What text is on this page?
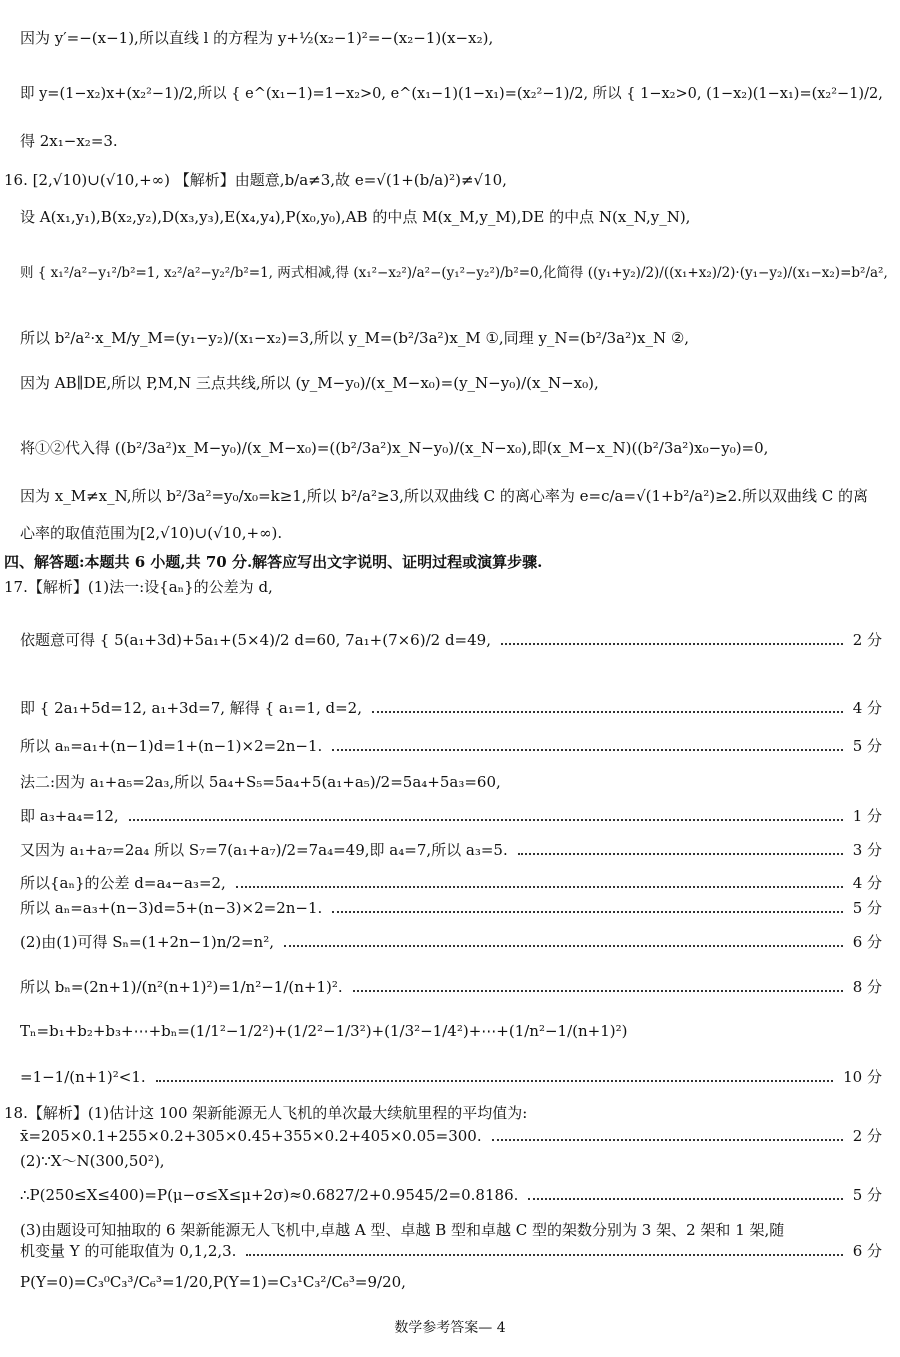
因为 y′=−(x−1),所以直线 l 的方程为 y+½(x₂−1)²=−(x₂−1)(x−x₂),
即 y=(1−x₂)x+(x₂²−1)/2,所以 { e^(x₁−1)=1−x₂>0, e^(x₁−1)(1−x₁)=(x₂²−1)/2, 所以 { 1−x₂>0, (1−x₂)(1−x₁)=(x₂²−1)/2,
得 2x₁−x₂=3.
16. [2,√10)∪(√10,+∞) 【解析】由题意,b/a≠3,故 e=√(1+(b/a)²)≠√10,
设 A(x₁,y₁),B(x₂,y₂),D(x₃,y₃),E(x₄,y₄),P(x₀,y₀),AB 的中点 M(x_M,y_M),DE 的中点 N(x_N,y_N),
则 { x₁²/a²−y₁²/b²=1, x₂²/a²−y₂²/b²=1, 两式相减,得 (x₁²−x₂²)/a²−(y₁²−y₂²)/b²=0,化简得 ((y₁+y₂)/2)/((x₁+x₂)/2)·(y₁−y₂)/(x₁−x₂)=b²/a²,
所以 b²/a²·x_M/y_M=(y₁−y₂)/(x₁−x₂)=3,所以 y_M=(b²/3a²)x_M ①,同理 y_N=(b²/3a²)x_N ②,
因为 AB∥DE,所以 P,M,N 三点共线,所以 (y_M−y₀)/(x_M−x₀)=(y_N−y₀)/(x_N−x₀),
将①②代入得 ((b²/3a²)x_M−y₀)/(x_M−x₀)=((b²/3a²)x_N−y₀)/(x_N−x₀),即(x_M−x_N)((b²/3a²)x₀−y₀)=0,
因为 x_M≠x_N,所以 b²/3a²=y₀/x₀=k≥1,所以 b²/a²≥3,所以双曲线 C 的离心率为 e=c/a=√(1+b²/a²)≥2.所以双曲线 C 的离
心率的取值范围为[2,√10)∪(√10,+∞).
四、解答题:本题共 6 小题,共 70 分.解答应写出文字说明、证明过程或演算步骤.
17.【解析】(1)法一:设{aₙ}的公差为 d,
依题意可得 { 5(a₁+3d)+5a₁+(5×4)/2 d=60, 7a₁+(7×6)/2 d=49,	2 分
即 { 2a₁+5d=12, a₁+3d=7, 解得 { a₁=1, d=2,	4 分
所以 aₙ=a₁+(n−1)d=1+(n−1)×2=2n−1.	5 分
法二:因为 a₁+a₅=2a₃,所以 5a₄+S₅=5a₄+5(a₁+a₅)/2=5a₄+5a₃=60,
即 a₃+a₄=12,	1 分
又因为 a₁+a₇=2a₄ 所以 S₇=7(a₁+a₇)/2=7a₄=49,即 a₄=7,所以 a₃=5.	3 分
所以{aₙ}的公差 d=a₄−a₃=2,	4 分
所以 aₙ=a₃+(n−3)d=5+(n−3)×2=2n−1.	5 分
(2)由(1)可得 Sₙ=(1+2n−1)n/2=n²,	6 分
所以 bₙ=(2n+1)/(n²(n+1)²)=1/n²−1/(n+1)².	8 分
Tₙ=b₁+b₂+b₃+⋯+bₙ=(1/1²−1/2²)+(1/2²−1/3²)+(1/3²−1/4²)+⋯+(1/n²−1/(n+1)²)
=1−1/(n+1)²<1.	10 分
18.【解析】(1)估计这 100 架新能源无人飞机的单次最大续航里程的平均值为:
x̄=205×0.1+255×0.2+305×0.45+355×0.2+405×0.05=300.	2 分
(2)∵X～N(300,50²),
∴P(250≤X≤400)=P(μ−σ≤X≤μ+2σ)≈0.6827/2+0.9545/2=0.8186.	5 分
(3)由题设可知抽取的 6 架新能源无人飞机中,卓越 A 型、卓越 B 型和卓越 C 型的架数分别为 3 架、2 架和 1 架,随
机变量 Y 的可能取值为 0,1,2,3.	6 分
P(Y=0)=C₃⁰C₃³/C₆³=1/20,P(Y=1)=C₃¹C₃²/C₆³=9/20,
数学参考答案— 4
